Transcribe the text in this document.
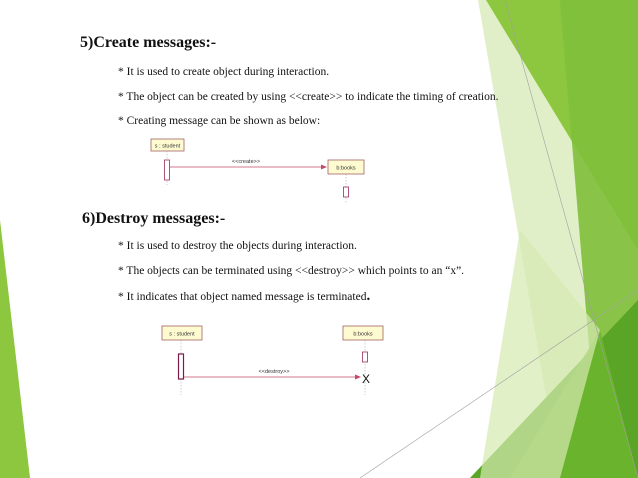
5)Create messages:-
* It is used to create object during interaction.
* The object can be created by using <<create>> to indicate the timing of creation.
* Creating message can be shown as below:
s : student
<<create>>
b:books
6)Destroy messages:-
* It is used to destroy the objects during interaction.
* The objects can be terminated using <<destroy>> which points to an “x”.
* It indicates that object named message is terminated.
s : student
<<destroy>>
b:books
X
